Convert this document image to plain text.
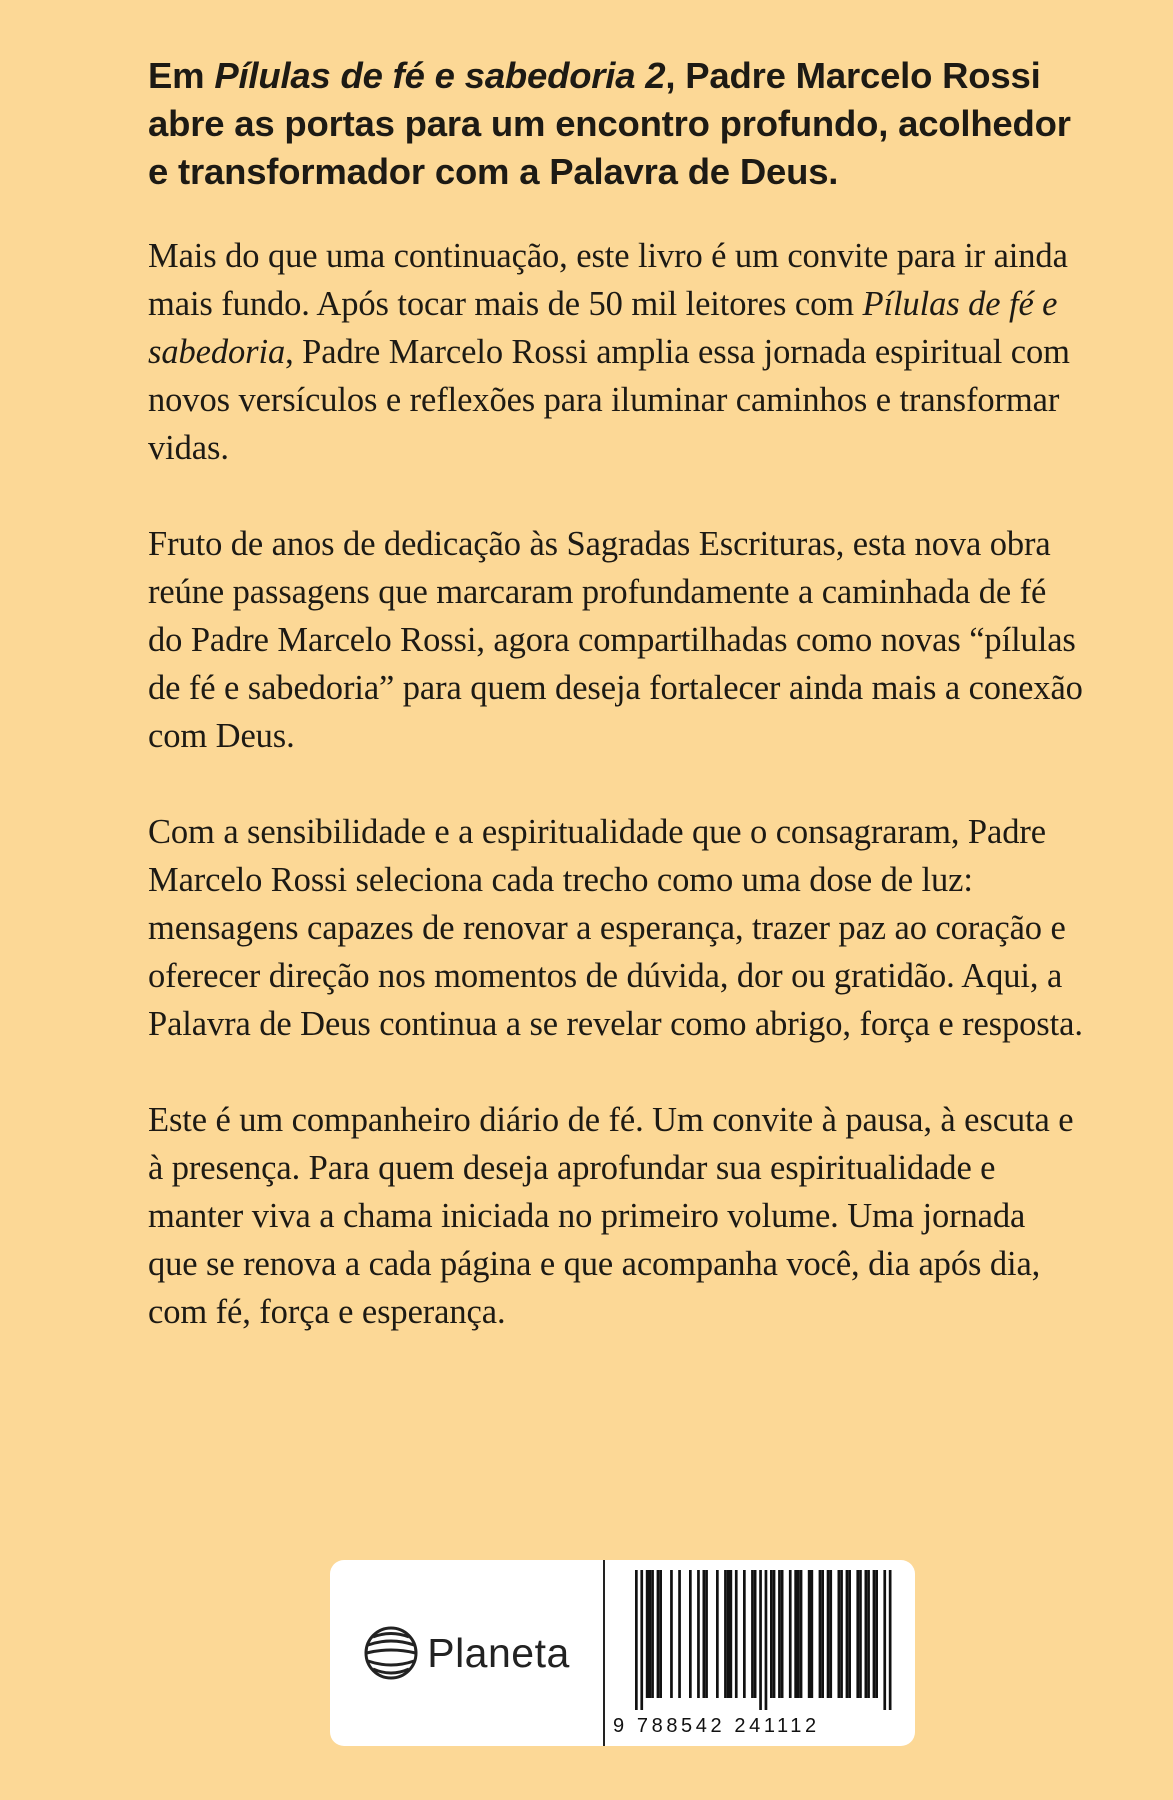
Em Pílulas de fé e sabedoria 2, Padre Marcelo Rossi abre as portas para um encontro profundo, acolhedor e transformador com a Palavra de Deus.

Mais do que uma continuação, este livro é um convite para ir ainda mais fundo. Após tocar mais de 50 mil leitores com Pílulas de fé e sabedoria, Padre Marcelo Rossi amplia essa jornada espiritual com novos versículos e reflexões para iluminar caminhos e transformar vidas.

Fruto de anos de dedicação às Sagradas Escrituras, esta nova obra reúne passagens que marcaram profundamente a caminhada de fé do Padre Marcelo Rossi, agora compartilhadas como novas “pílulas de fé e sabedoria” para quem deseja fortalecer ainda mais a conexão com Deus.

Com a sensibilidade e a espiritualidade que o consagraram, Padre Marcelo Rossi seleciona cada trecho como uma dose de luz: mensagens capazes de renovar a esperança, trazer paz ao coração e oferecer direção nos momentos de dúvida, dor ou gratidão. Aqui, a Palavra de Deus continua a se revelar como abrigo, força e resposta.

Este é um companheiro diário de fé. Um convite à pausa, à escuta e à presença. Para quem deseja aprofundar sua espiritualidade e manter viva a chama iniciada no primeiro volume. Uma jornada que se renova a cada página e que acompanha você, dia após dia, com fé, força e esperança.

Planeta
9 788542 241112
